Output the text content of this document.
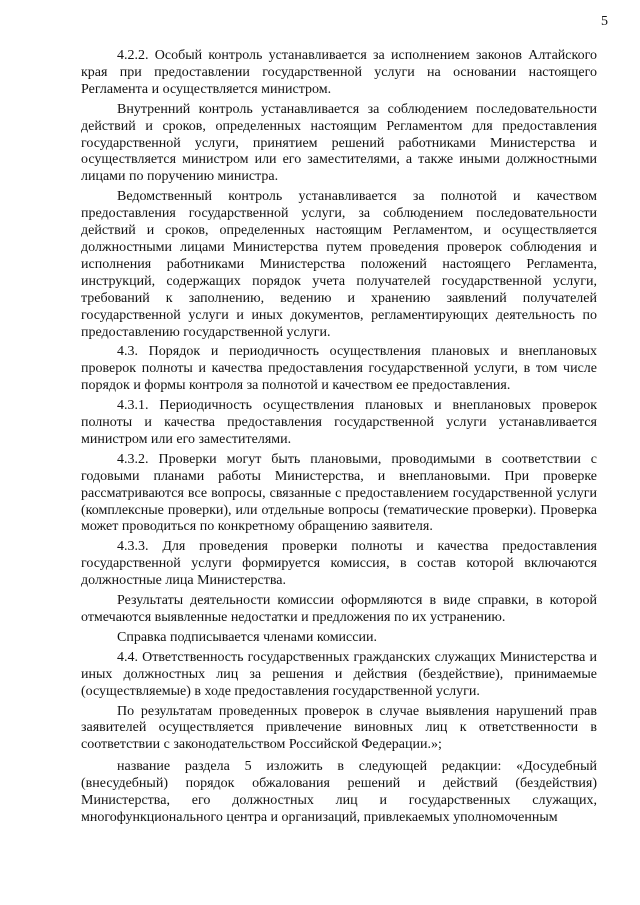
5

4.2.2. Особый контроль устанавливается за исполнением законов Алтайского края при предоставлении государственной услуги на основании настоящего Регламента и осуществляется министром.

Внутренний контроль устанавливается за соблюдением последовательности действий и сроков, определенных настоящим Регламентом для предоставления государственной услуги, принятием решений работниками Министерства и осуществляется министром или его заместителями, а также иными должностными лицами по поручению министра.

Ведомственный контроль устанавливается за полнотой и качеством предоставления государственной услуги, за соблюдением последовательности действий и сроков, определенных настоящим Регламентом, и осуществляется должностными лицами Министерства путем проведения проверок соблюдения и исполнения работниками Министерства положений настоящего Регламента, инструкций, содержащих порядок учета получателей государственной услуги, требований к заполнению, ведению и хранению заявлений получателей государственной услуги и иных документов, регламентирующих деятельность по предоставлению государственной услуги.

4.3. Порядок и периодичность осуществления плановых и внеплановых проверок полноты и качества предоставления государственной услуги, в том числе порядок и формы контроля за полнотой и качеством ее предоставления.

4.3.1. Периодичность осуществления плановых и внеплановых проверок полноты и качества предоставления государственной услуги устанавливается министром или его заместителями.

4.3.2. Проверки могут быть плановыми, проводимыми в соответствии с годовыми планами работы Министерства, и внеплановыми. При проверке рассматриваются все вопросы, связанные с предоставлением государственной услуги (комплексные проверки), или отдельные вопросы (тематические проверки). Проверка может проводиться по конкретному обращению заявителя.

4.3.3. Для проведения проверки полноты и качества предоставления государственной услуги формируется комиссия, в состав которой включаются должностные лица Министерства.

Результаты деятельности комиссии оформляются в виде справки, в которой отмечаются выявленные недостатки и предложения по их устранению.

Справка подписывается членами комиссии.

4.4. Ответственность государственных гражданских служащих Министерства и иных должностных лиц за решения и действия (бездействие), принимаемые (осуществляемые) в ходе предоставления государственной услуги.

По результатам проведенных проверок в случае выявления нарушений прав заявителей осуществляется привлечение виновных лиц к ответственности в соответствии с законодательством Российской Федерации.»;

название раздела 5 изложить в следующей редакции: «Досудебный (внесудебный) порядок обжалования решений и действий (бездействия) Министерства, его должностных лиц и государственных служащих, многофункционального центра и организаций, привлекаемых уполномоченным
